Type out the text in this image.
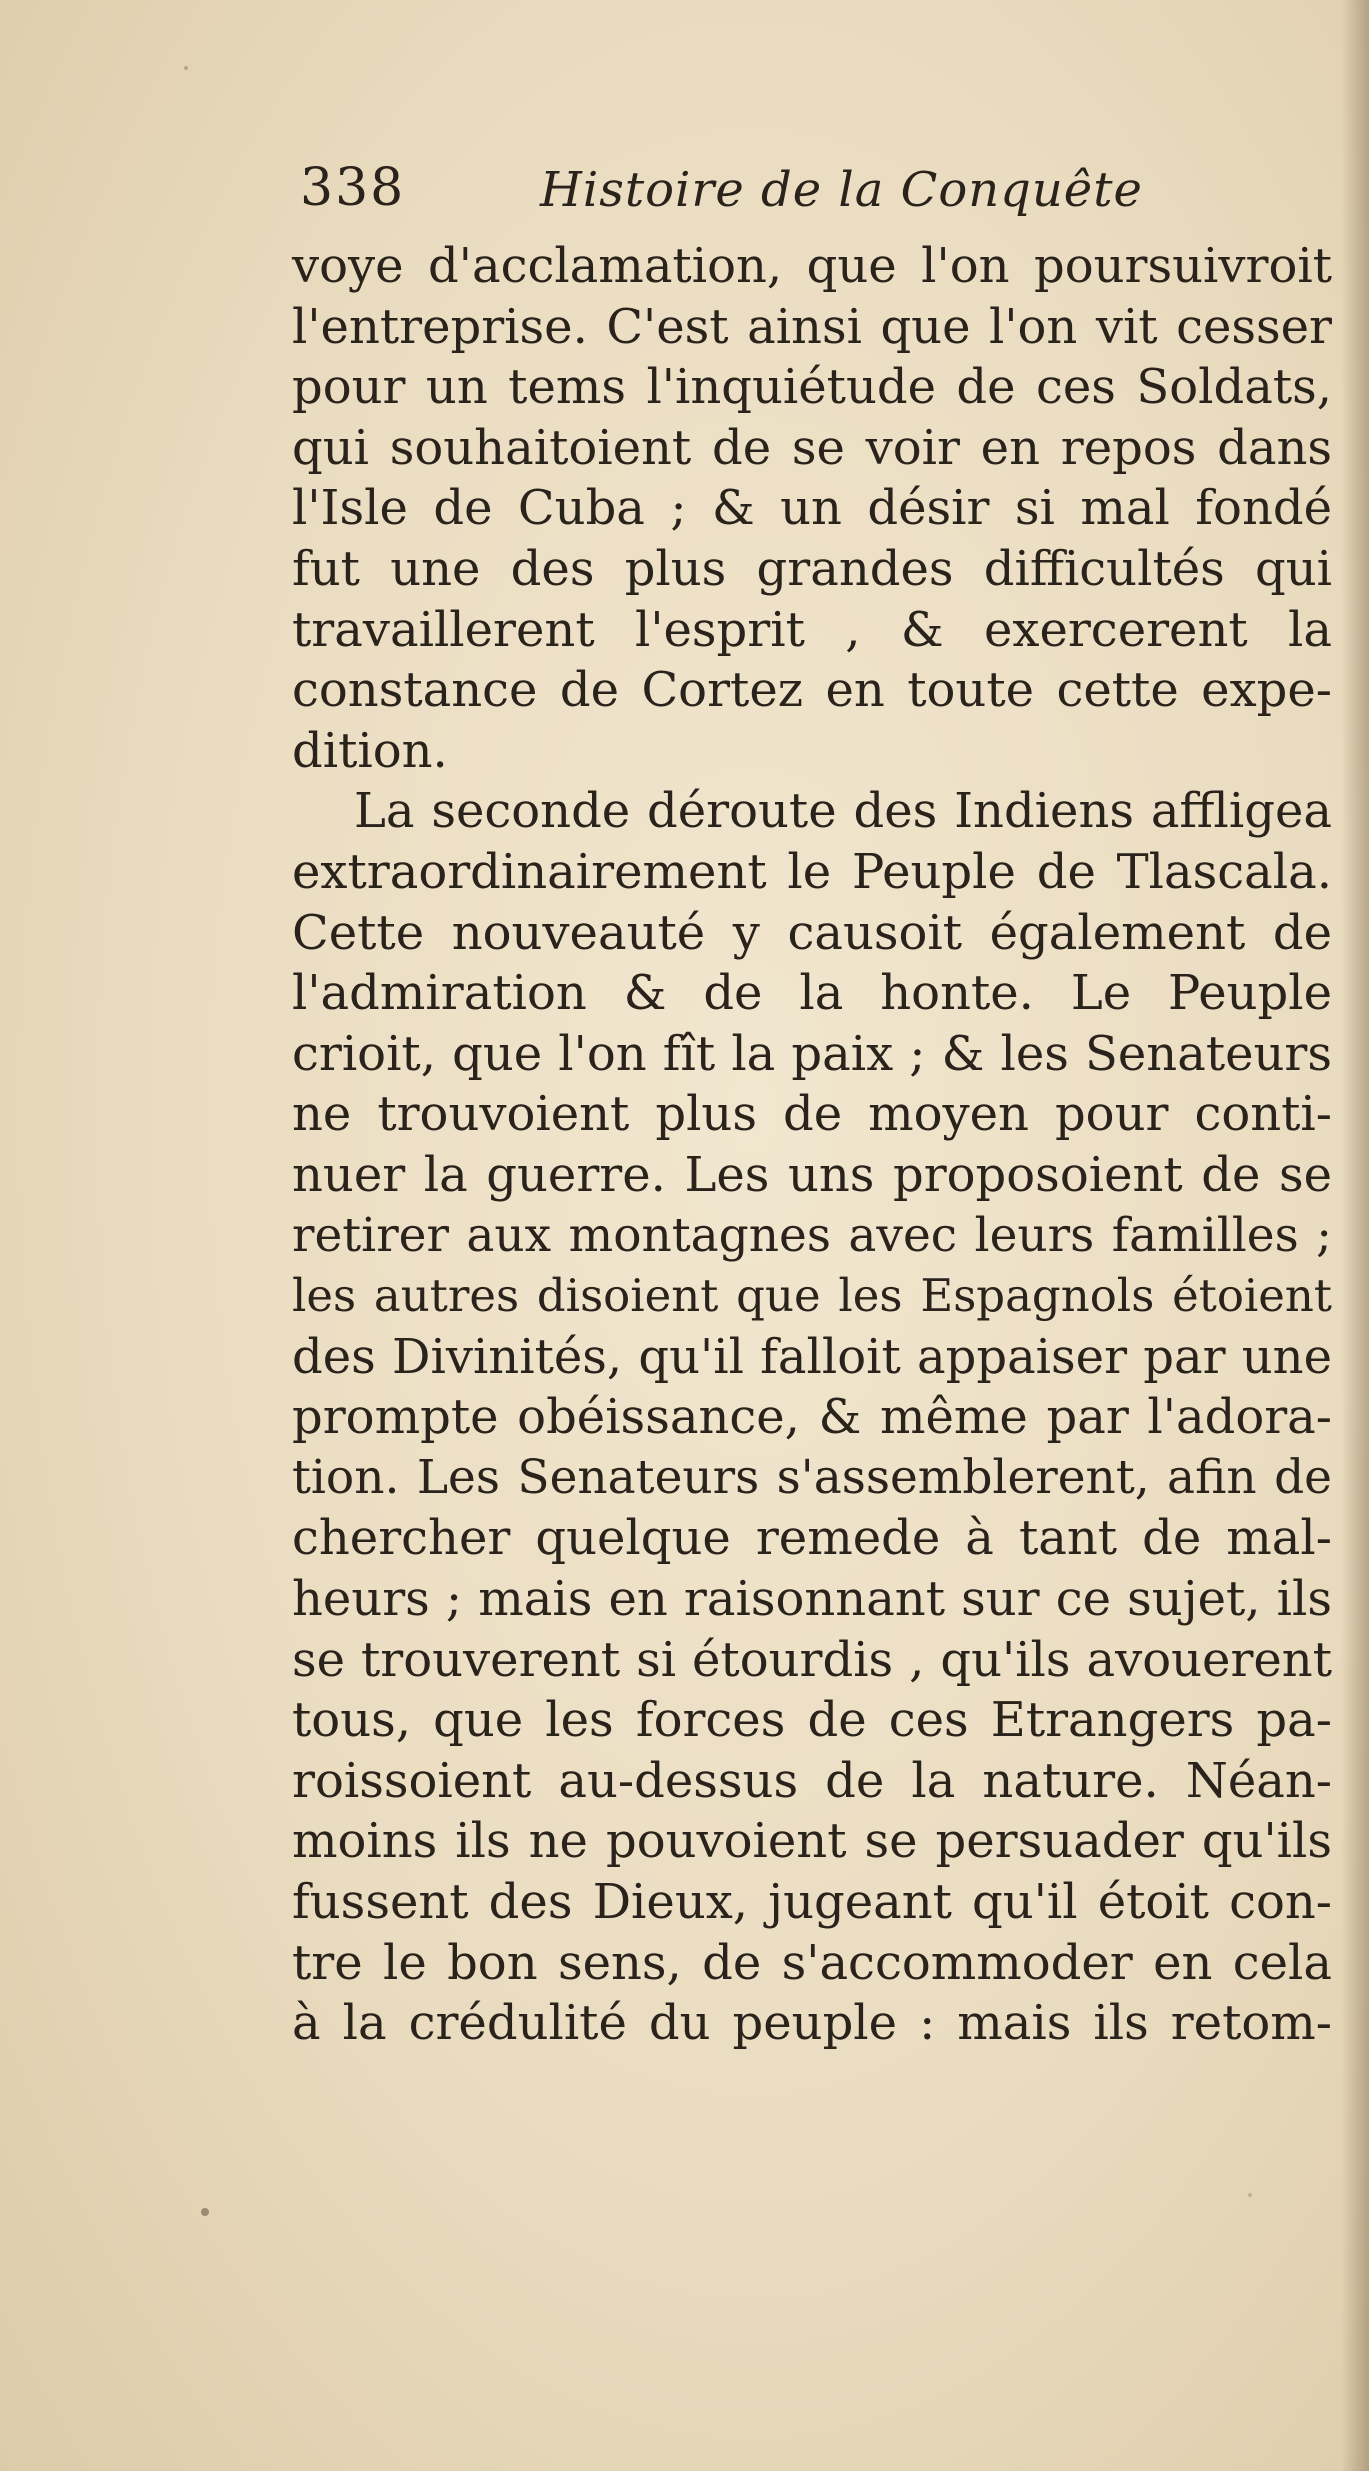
338	Histoire de la Conquête
voye d'acclamation, que l'on poursuivroit
l'entreprise. C'est ainsi que l'on vit cesser
pour un tems l'inquiétude de ces Soldats,
qui souhaitoient de se voir en repos dans
l'Isle de Cuba ; & un désir si mal fondé
fut une des plus grandes difficultés qui
travaillerent l'esprit , & exercerent la
constance de Cortez en toute cette expe-
dition.
La seconde déroute des Indiens affligea
extraordinairement le Peuple de Tlascala.
Cette nouveauté y causoit également de
l'admiration & de la honte. Le Peuple
crioit, que l'on fît la paix ; & les Senateurs
ne trouvoient plus de moyen pour conti-
nuer la guerre. Les uns proposoient de se
retirer aux montagnes avec leurs familles ;
les autres disoient que les Espagnols étoient
des Divinités, qu'il falloit appaiser par une
prompte obéissance, & même par l'adora-
tion. Les Senateurs s'assemblerent, afin de
chercher quelque remede à tant de mal-
heurs ; mais en raisonnant sur ce sujet, ils
se trouverent si étourdis , qu'ils avouerent
tous, que les forces de ces Etrangers pa-
roissoient au-dessus de la nature. Néan-
moins ils ne pouvoient se persuader qu'ils
fussent des Dieux, jugeant qu'il étoit con-
tre le bon sens, de s'accommoder en cela
à la crédulité du peuple : mais ils retom-
